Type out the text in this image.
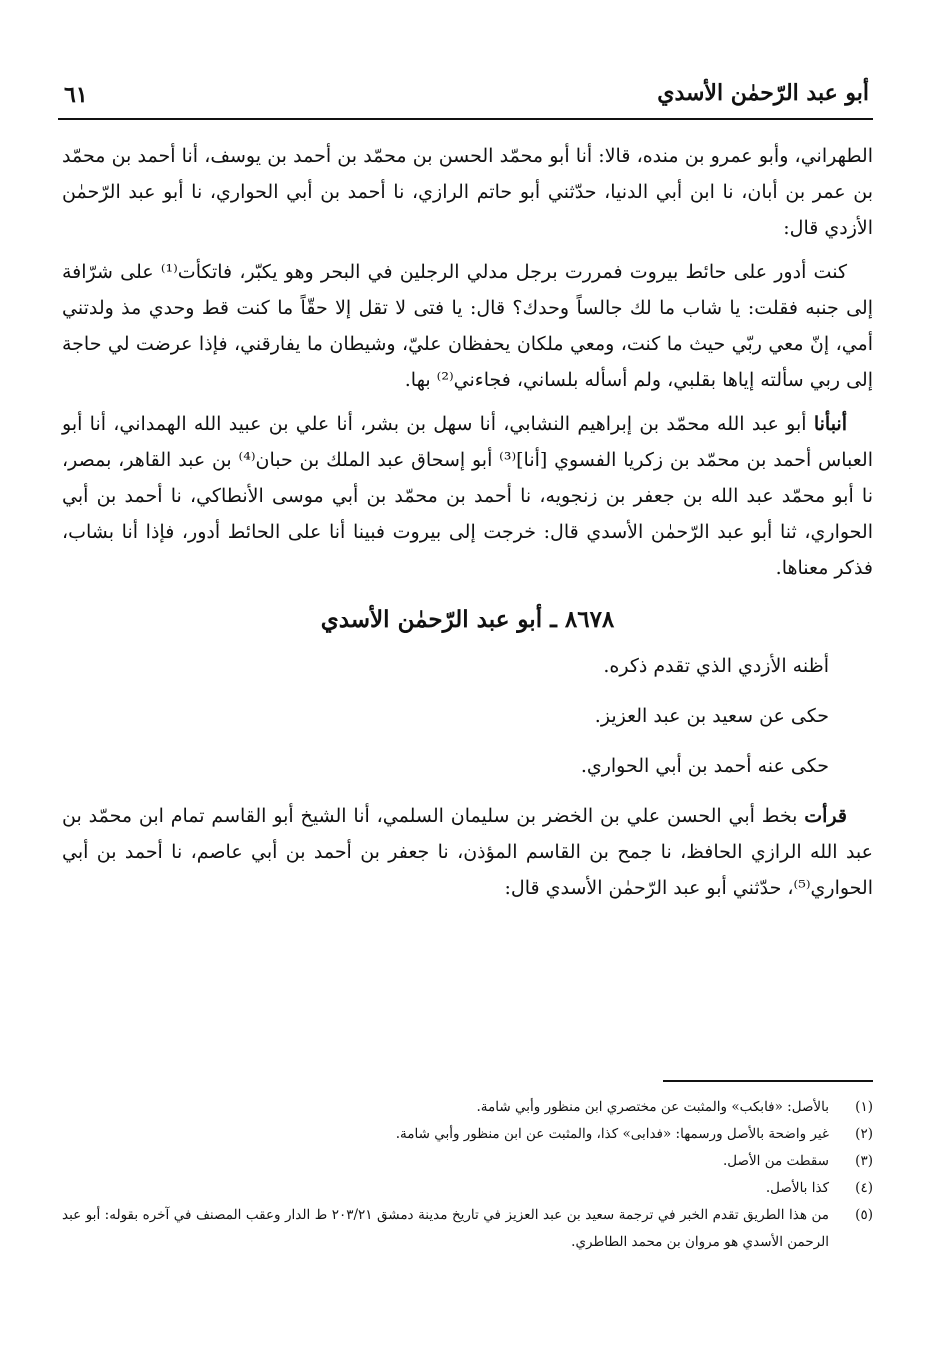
٦١	أبو عبد الرّحمٰن الأسدي

الطهراني، وأبو عمرو بن منده، قالا: أنا أبو محمّد الحسن بن محمّد بن أحمد بن يوسف، أنا أحمد بن محمّد بن عمر بن أبان، نا ابن أبي الدنيا، حدّثني أبو حاتم الرازي، نا أحمد بن أبي الحواري، نا أبو عبد الرّحمٰن الأزدي قال:

كنت أدور على حائط بيروت فمررت برجل مدلي الرجلين في البحر وهو يكبّر، فاتكأت⁽¹⁾ على شرّافة إلى جنبه فقلت: يا شاب ما لك جالساً وحدك؟ قال: يا فتى لا تقل إلا حقّاً ما كنت قط وحدي مذ ولدتني أمي، إنّ معي ربّي حيث ما كنت، ومعي ملكان يحفظان عليّ، وشيطان ما يفارقني، فإذا عرضت لي حاجة إلى ربي سألته إياها بقلبي، ولم أسأله بلساني، فجاءني⁽²⁾ بها.

أنبأنا أبو عبد الله محمّد بن إبراهيم النشابي، أنا سهل بن بشر، أنا علي بن عبيد الله الهمداني، أنا أبو العباس أحمد بن محمّد بن زكريا الفسوي [أنا]⁽³⁾ أبو إسحاق عبد الملك بن حبان⁽⁴⁾ بن عبد القاهر، بمصر، نا أبو محمّد عبد الله بن جعفر بن زنجويه، نا أحمد بن محمّد بن أبي موسى الأنطاكي، نا أحمد بن أبي الحواري، ثنا أبو عبد الرّحمٰن الأسدي قال: خرجت إلى بيروت فبينا أنا على الحائط أدور، فإذا أنا بشاب، فذكر معناها.

٨٦٧٨ ـ أبو عبد الرّحمٰن الأسدي

أظنه الأزدي الذي تقدم ذكره.

حكى عن سعيد بن عبد العزيز.

حكى عنه أحمد بن أبي الحواري.

قرأت بخط أبي الحسن علي بن الخضر بن سليمان السلمي، أنا الشيخ أبو القاسم تمام ابن محمّد بن عبد الله الرازي الحافظ، نا جمح بن القاسم المؤذن، نا جعفر بن أحمد بن أبي عاصم، نا أحمد بن أبي الحواري⁽⁵⁾، حدّثني أبو عبد الرّحمٰن الأسدي قال:

(١)
بالأصل: «فابكب» والمثبت عن مختصري ابن منظور وأبي شامة.
(٢)
غير واضحة بالأصل ورسمها: «فدابى» كذا، والمثبت عن ابن منظور وأبي شامة.
(٣)
سقطت من الأصل.
(٤)
كذا بالأصل.
(٥)
من هذا الطريق تقدم الخبر في ترجمة سعيد بن عبد العزيز في تاريخ مدينة دمشق ٢٠٣/٢١ ط الدار وعقب المصنف في آخره بقوله: أبو عبد الرحمن الأسدي هو مروان بن محمد الطاطري.
